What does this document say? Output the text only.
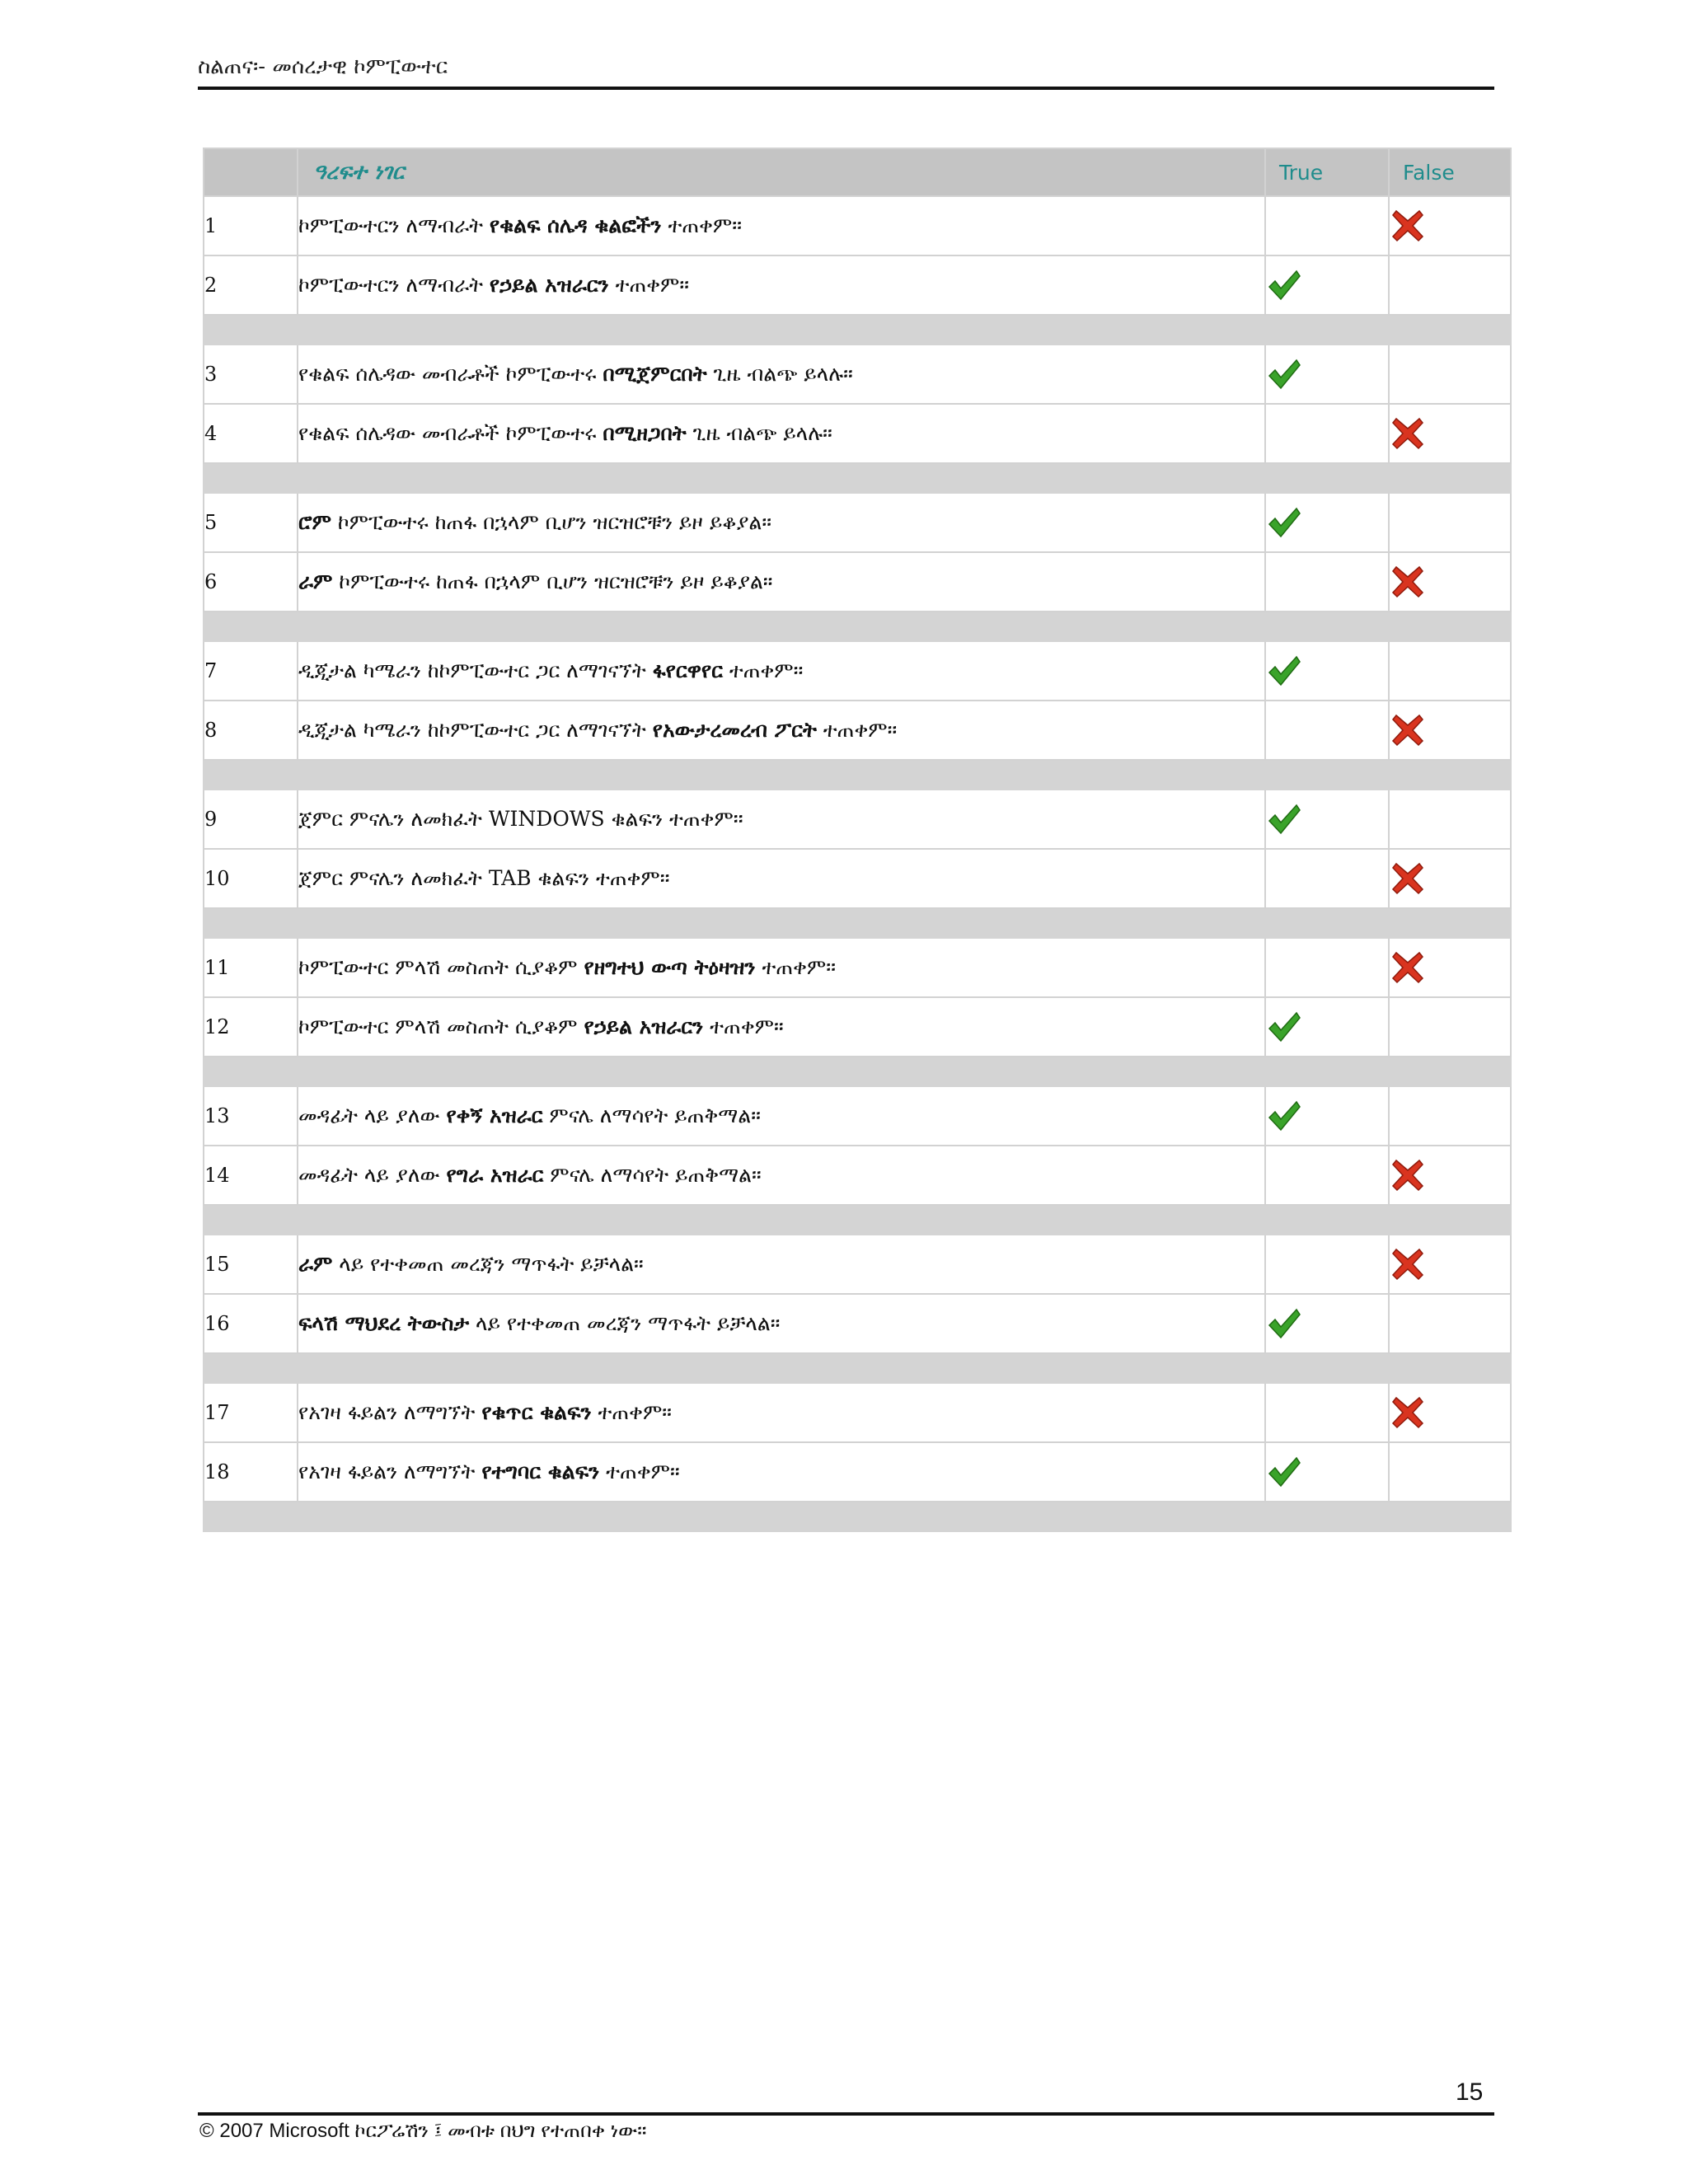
ስልጠና፡- መሰረታዊ ኮምፒውተር
	ዓረፍተ ነገር	True	False
1	ኮምፒውተርን ለማብራት የቁልፍ ሰሌዳ ቁልፎችን ተጠቀም፡፡		

2	ኮምፒውተርን ለማብራት የኃይል አዝራርን ተጠቀም።	

3	የቁልፍ ሰሌዳው መብራቶች ኮምፒውተሩ በሚጀምርበት ጊዜ ብልጭ ይላሉ።	

4	የቁልፍ ሰሌዳው መብራቶች ኮምፒውተሩ በሚዘጋበት ጊዜ ብልጭ ይላሉ።		

5	ሮም ኮምፒውተሩ ከጠፋ በኋላም ቢሆን ዝርዝሮቹን ይዞ ይቆያል።	

6	ራም ኮምፒውተሩ ከጠፋ በኋላም ቢሆን ዝርዝሮቹን ይዞ ይቆያል።		

7	ዲጂታል ካሜራን ከኮምፒውተር ጋር ለማገናኘት ፋየርዋየር ተጠቀም፡፡	

8	ዲጂታል ካሜራን ከኮምፒውተር ጋር ለማገናኘት የአውታረመረብ ፖርት ተጠቀም።		

9	ጀምር ምናሌን ለመክፈት WINDOWS ቁልፍን ተጠቀም፡፡	

10	ጀምር ምናሌን ለመክፈት TAB ቁልፍን ተጠቀም፡፡		

11	ኮምፒውተር ምላሽ መስጠት ሲያቆም የዘግተህ ውጣ ትዕዛዝን ተጠቀም፡፡		

12	ኮምፒውተር ምላሽ መስጠት ሲያቆም የኃይል አዝራርን ተጠቀም።	

13	መዳፊት ላይ ያለው የቀኝ አዝራር ምናሌ ለማሳየት ይጠቅማል።	

14	መዳፊት ላይ ያለው የግራ አዝራር ምናሌ ለማሳየት ይጠቅማል።		

15	ራም ላይ የተቀመጠ መረጃን ማጥፋት ይቻላል።		

16	ፍላሽ ማህደረ ትውስታ ላይ የተቀመጠ መረጃን ማጥፋት ይቻላል።	

17	የአገዛ ፋይልን ለማግኘት የቁጥር ቁልፍን ተጠቀም።		

18	የአገዛ ፋይልን ለማግኘት የተግባር ቁልፍን ተጠቀም።	

15
© 2007 Microsoft ኮርፖሬሽን ፤ መብቱ በህግ የተጠበቀ ነው።
